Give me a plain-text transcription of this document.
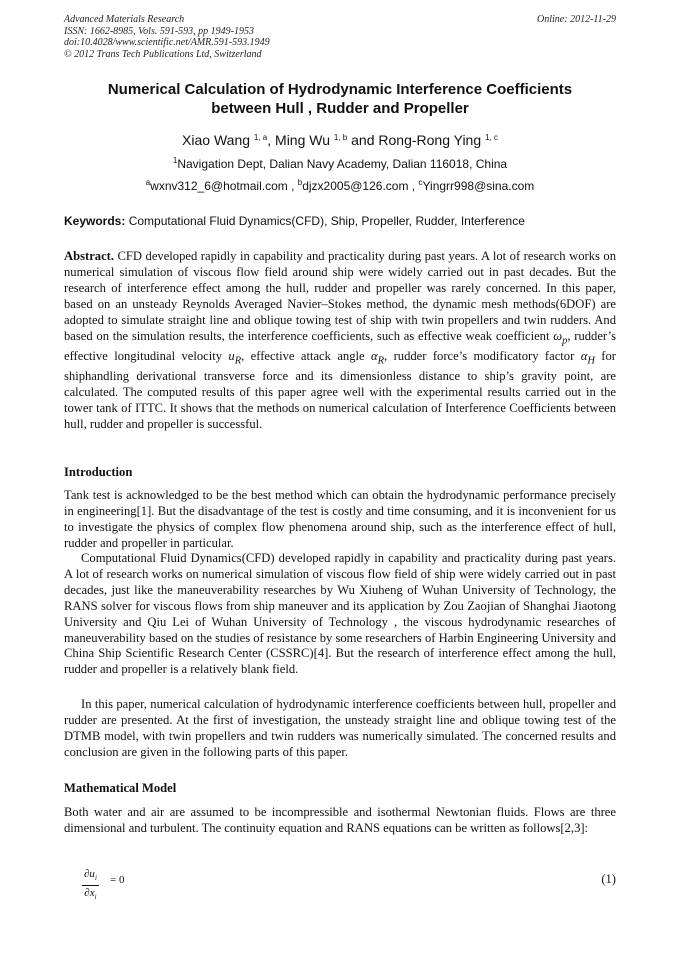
Advanced Materials Research
ISSN: 1662-8985, Vols. 591-593, pp 1949-1953
doi:10.4028/www.scientific.net/AMR.591-593.1949
© 2012 Trans Tech Publications Ltd, Switzerland
Online: 2012-11-29
Numerical Calculation of Hydrodynamic Interference Coefficients
between Hull , Rudder and Propeller
Xiao Wang $^{1, a}$, Ming Wu $^{1, b}$ and Rong-Rong Ying $^{1, c}$
$^1$Navigation Dept, Dalian Navy Academy, Dalian 116018, China
$^a$wxnv312_6@hotmail.com , $^b$djzx2005@126.com , $^c$Yingrr998@sina.com
Keywords: Computational Fluid Dynamics(CFD), Ship, Propeller, Rudder, Interference
Abstract. CFD developed rapidly in capability and practicality during past years. A lot of research works on numerical simulation of viscous flow field around ship were widely carried out in past decades. But the research of interference effect among the hull, rudder and propeller was rarely concerned. In this paper, based on an unsteady Reynolds Averaged Navier–Stokes method, the dynamic mesh methods(6DOF) are adopted to simulate straight line and oblique towing test of ship with twin propellers and twin rudders. And based on the simulation results, the interference coefficients, such as effective weak coefficient $\omega_p$, rudder’s effective longitudinal velocity $u_R$, effective attack angle $\alpha_R$, rudder force’s modificatory factor $\alpha_H$ for shiphandling derivational transverse force and its dimensionless distance to ship’s gravity point, are calculated. The computed results of this paper agree well with the experimental results carried out in the tower tank of ITTC. It shows that the methods on numerical calculation of Interference Coefficients between hull, rudder and propeller is successful.
Introduction
Tank test is acknowledged to be the best method which can obtain the hydrodynamic performance precisely in engineering[1]. But the disadvantage of the test is costly and time consuming, and it is inconvenient for us to investigate the physics of complex flow phenomena around ship, such as the interference effect of hull, rudder and propeller in particular.
Computational Fluid Dynamics(CFD) developed rapidly in capability and practicality during past years. A lot of research works on numerical simulation of viscous flow field of ship were widely carried out in past decades, just like the maneuverability researches by Wu Xiuheng of Wuhan University of Technology, the RANS solver for viscous flows from ship maneuver and its application by Zou Zaojian of Shanghai Jiaotong University and Qiu Lei of Wuhan University of Technology , the viscous hydrodynamic researches of maneuverability based on the studies of resistance by some researchers of Harbin Engineering University and China Ship Scientific Research Center (CSSRC)[4]. But the research of interference effect among the hull, rudder and propeller is a relatively blank field.
In this paper, numerical calculation of hydrodynamic interference coefficients between hull, propeller and rudder are presented. At the first of investigation, the unsteady straight line and oblique towing test of the DTMB model, with twin propellers and twin rudders was numerically simulated. The concerned results and conclusion are given in the following parts of this paper.
Mathematical Model
Both water and air are assumed to be incompressible and isothermal Newtonian fluids. Flows are three dimensional and turbulent. The continuity equation and RANS equations can be written as follows[2,3]:
$\frac{\partial u_i}{\partial x_i} = 0$	(1)
